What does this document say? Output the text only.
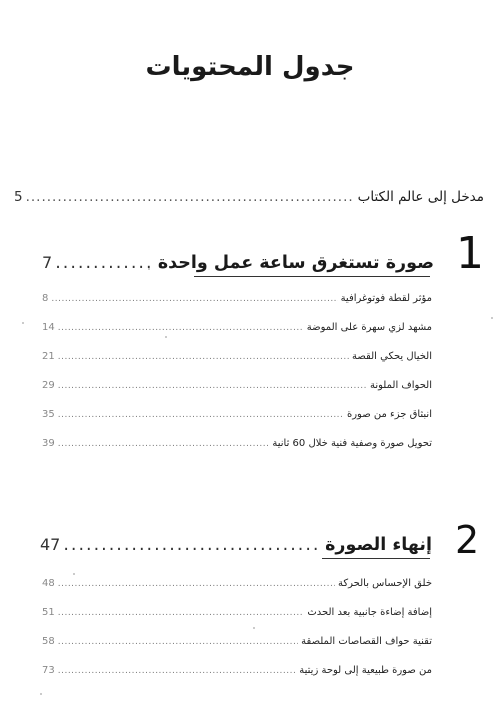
جدول المحتويات
5 .....	مدخل إلى عالم الكتاب
1
7 .....	صورة تستغرق ساعة عمل واحدة
8 .....	مؤثر لقطة فوتوغرافية
14 .....	مشهد لزي سهرة على الموضة
21 .....	الخيال يحكي القصة
29 .....	الحواف الملونة
35 .....	انبثاق جزء من صورة
39 .....	تحويل صورة وصفية فنية خلال 60 ثانية
2
47 .....	إنهاء الصورة
48 .....	خلق الإحساس بالحركة
51 .....	إضافة إضاءة جانبية بعد الحدث
58 .....	تقنية حواف القصاصات الملصقة
73 .....	من صورة طبيعية إلى لوحة زيتية
